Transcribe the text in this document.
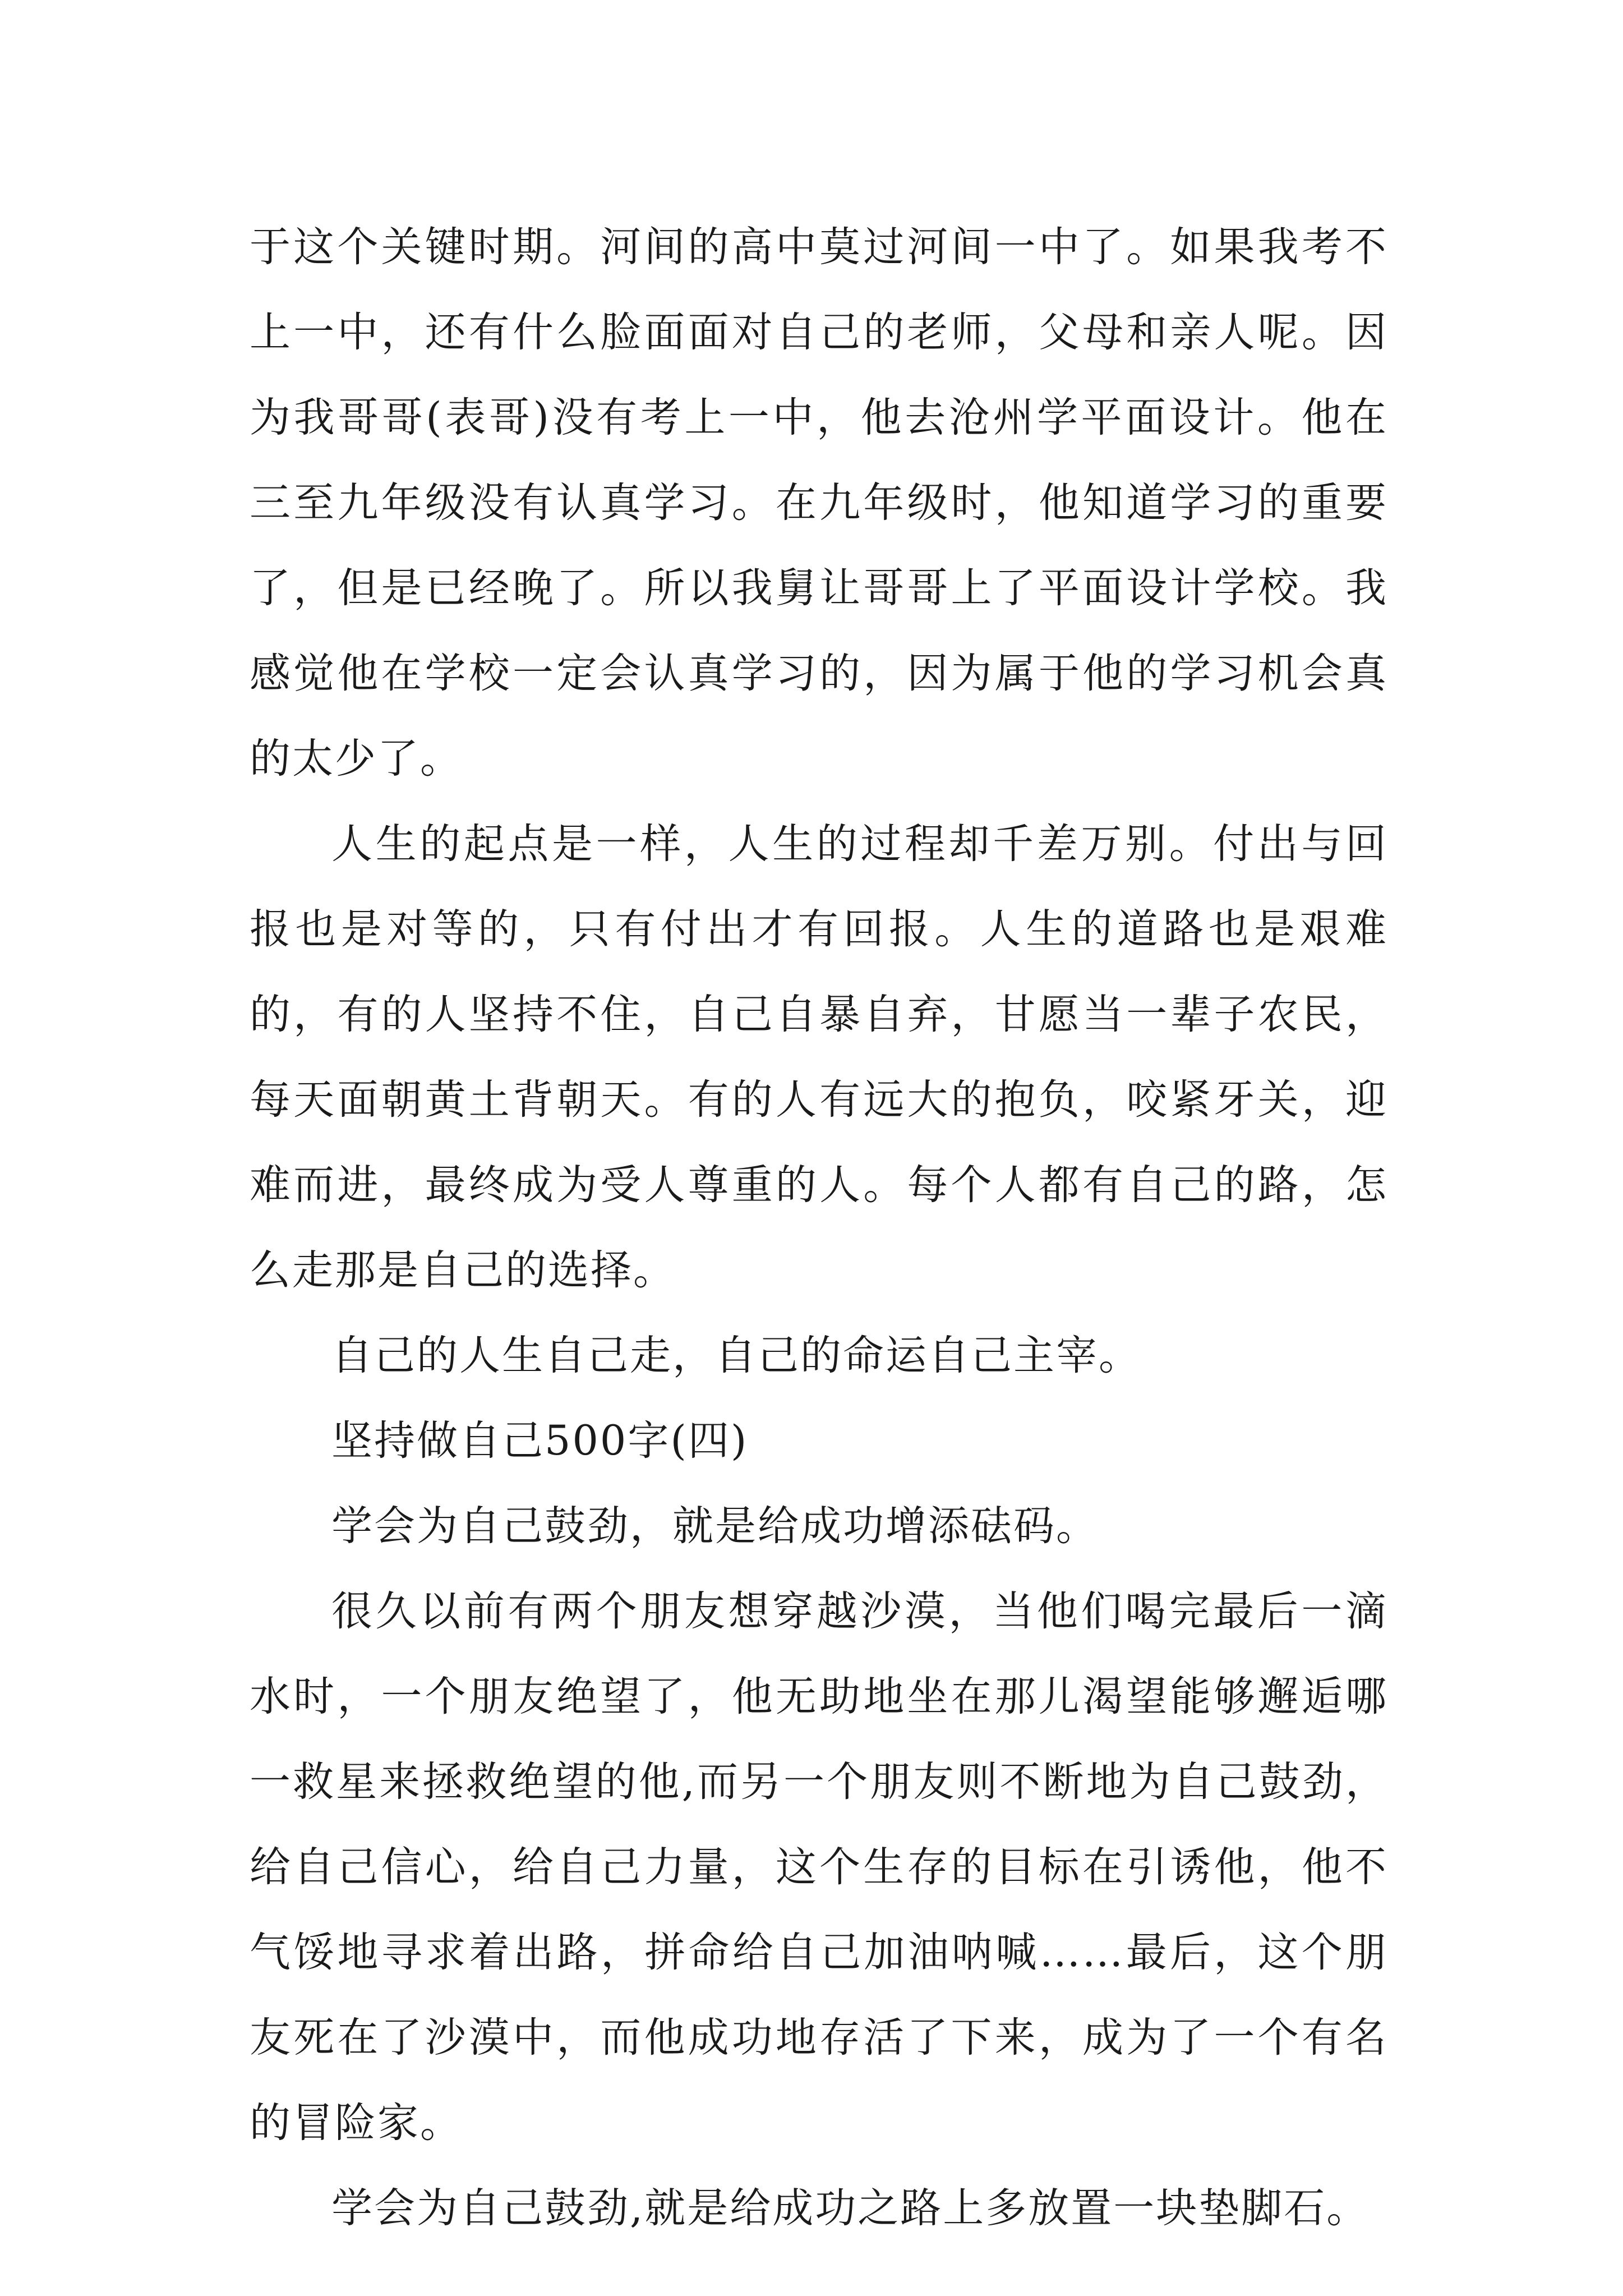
于这个关键时期。河间的高中莫过河间一中了。如果我考不上一中，还有什么脸面面对自己的老师，父母和亲人呢。因为我哥哥(表哥)没有考上一中，他去沧州学平面设计。他在三至九年级没有认真学习。在九年级时，他知道学习的重要了，但是已经晚了。所以我舅让哥哥上了平面设计学校。我感觉他在学校一定会认真学习的，因为属于他的学习机会真的太少了。

人生的起点是一样，人生的过程却千差万别。付出与回报也是对等的，只有付出才有回报。人生的道路也是艰难的，有的人坚持不住，自己自暴自弃，甘愿当一辈子农民，每天面朝黄土背朝天。有的人有远大的抱负，咬紧牙关，迎难而进，最终成为受人尊重的人。每个人都有自己的路，怎么走那是自己的选择。

自己的人生自己走，自己的命运自己主宰。

坚持做自己500字(四)

学会为自己鼓劲，就是给成功增添砝码。

很久以前有两个朋友想穿越沙漠，当他们喝完最后一滴水时，一个朋友绝望了，他无助地坐在那儿渴望能够邂逅哪一救星来拯救绝望的他,而另一个朋友则不断地为自己鼓劲，给自己信心，给自己力量，这个生存的目标在引诱他，他不气馁地寻求着出路，拼命给自己加油呐喊……最后，这个朋友死在了沙漠中，而他成功地存活了下来，成为了一个有名的冒险家。

学会为自己鼓劲,就是给成功之路上多放置一块垫脚石。
